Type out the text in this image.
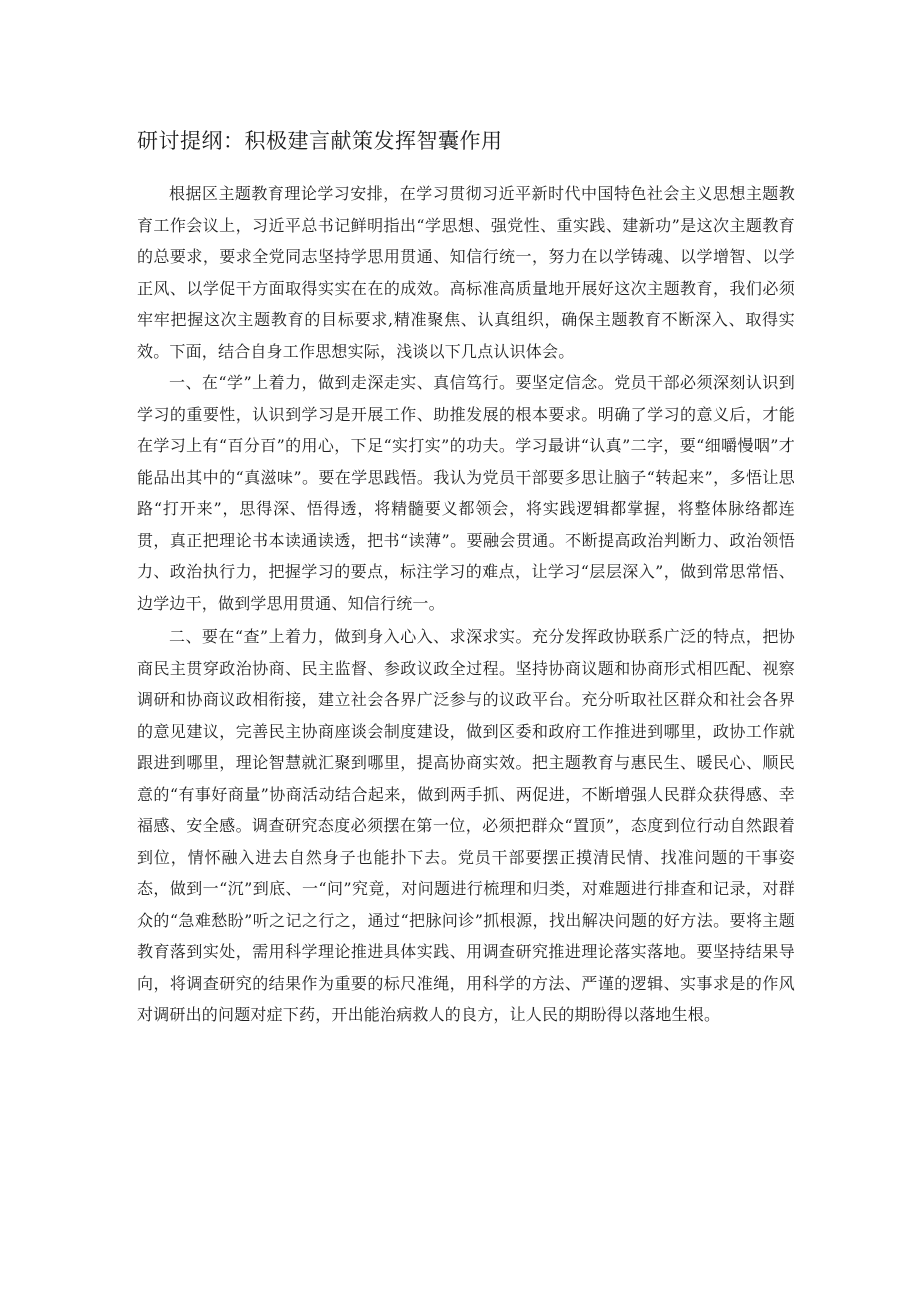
研讨提纲：积极建言献策发挥智囊作用

根据区主题教育理论学习安排，在学习贯彻习近平新时代中国特色社会主义思想主题教育工作会议上，习近平总书记鲜明指出“学思想、强党性、重实践、建新功”是这次主题教育的总要求，要求全党同志坚持学思用贯通、知信行统一，努力在以学铸魂、以学增智、以学正风、以学促干方面取得实实在在的成效。高标准高质量地开展好这次主题教育，我们必须牢牢把握这次主题教育的目标要求,精准聚焦、认真组织，确保主题教育不断深入、取得实效。下面，结合自身工作思想实际，浅谈以下几点认识体会。

一、在“学”上着力，做到走深走实、真信笃行。要坚定信念。党员干部必须深刻认识到学习的重要性，认识到学习是开展工作、助推发展的根本要求。明确了学习的意义后，才能在学习上有“百分百”的用心，下足“实打实”的功夫。学习最讲“认真”二字，要“细嚼慢咽”才能品出其中的“真滋味”。要在学思践悟。我认为党员干部要多思让脑子“转起来”，多悟让思路“打开来”，思得深、悟得透，将精髓要义都领会，将实践逻辑都掌握，将整体脉络都连贯，真正把理论书本读通读透，把书“读薄”。要融会贯通。不断提高政治判断力、政治领悟力、政治执行力，把握学习的要点，标注学习的难点，让学习“层层深入”，做到常思常悟、边学边干，做到学思用贯通、知信行统一。

二、要在“查”上着力，做到身入心入、求深求实。充分发挥政协联系广泛的特点，把协商民主贯穿政治协商、民主监督、参政议政全过程。坚持协商议题和协商形式相匹配、视察调研和协商议政相衔接，建立社会各界广泛参与的议政平台。充分听取社区群众和社会各界的意见建议，完善民主协商座谈会制度建设，做到区委和政府工作推进到哪里，政协工作就跟进到哪里，理论智慧就汇聚到哪里，提高协商实效。把主题教育与惠民生、暖民心、顺民意的“有事好商量”协商活动结合起来，做到两手抓、两促进，不断增强人民群众获得感、幸福感、安全感。调查研究态度必须摆在第一位，必须把群众“置顶”，态度到位行动自然跟着到位，情怀融入进去自然身子也能扑下去。党员干部要摆正摸清民情、找准问题的干事姿态，做到一“沉”到底、一“问”究竟，对问题进行梳理和归类，对难题进行排查和记录，对群众的“急难愁盼”听之记之行之，通过“把脉问诊”抓根源，找出解决问题的好方法。要将主题教育落到实处，需用科学理论推进具体实践、用调查研究推进理论落实落地。要坚持结果导向，将调查研究的结果作为重要的标尺准绳，用科学的方法、严谨的逻辑、实事求是的作风对调研出的问题对症下药，开出能治病救人的良方，让人民的期盼得以落地生根。
